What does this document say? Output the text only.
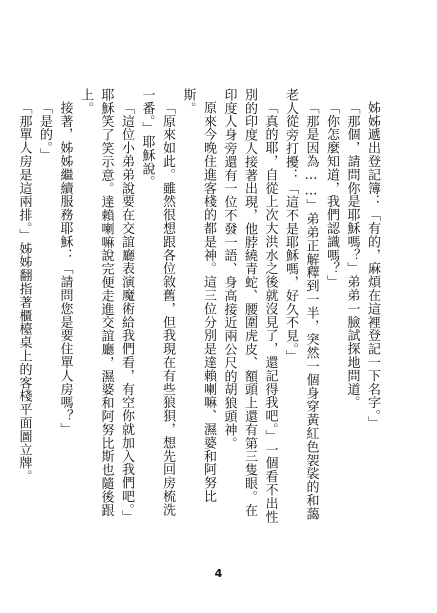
姊姊遞出登記簿：「有的，麻煩在這裡登記一下名字。」

「那個，請問你是耶穌嗎？」弟弟一臉試探地問道。

「你怎麼知道，我們認識嗎？」

「那是因為……」弟弟正解釋到一半，突然一個身穿黃紅色袈裟的和藹老人從旁打擾：「這不是耶穌嗎，好久不見。」

「真的耶，自從上次大洪水之後就沒見了，還記得我吧。」一個看不出性別的印度人接著出現，他脖繞青蛇、腰圍虎皮、額頭上還有第三隻眼。在印度人身旁還有一位不發一語、身高接近兩公尺的胡狼頭神。

原來今晚住進客棧的都是神。這三位分別是達賴喇嘛、濕婆和阿努比斯。

「原來如此。雖然很想跟各位敘舊，但我現在有些狼狽，想先回房梳洗一番。」耶穌說。

「這位小弟弟說要在交誼廳表演魔術給我們看，有空你就加入我們吧。」耶穌笑了笑示意。達賴喇嘛說完便走進交誼廳，濕婆和阿努比斯也隨後跟上。

接著，姊姊繼續服務耶穌：「請問您是要住單人房嗎？」

「是的。」

「那單人房是這兩排。」姊姊翻指著櫃檯桌上的客棧平面圖立牌。

4
